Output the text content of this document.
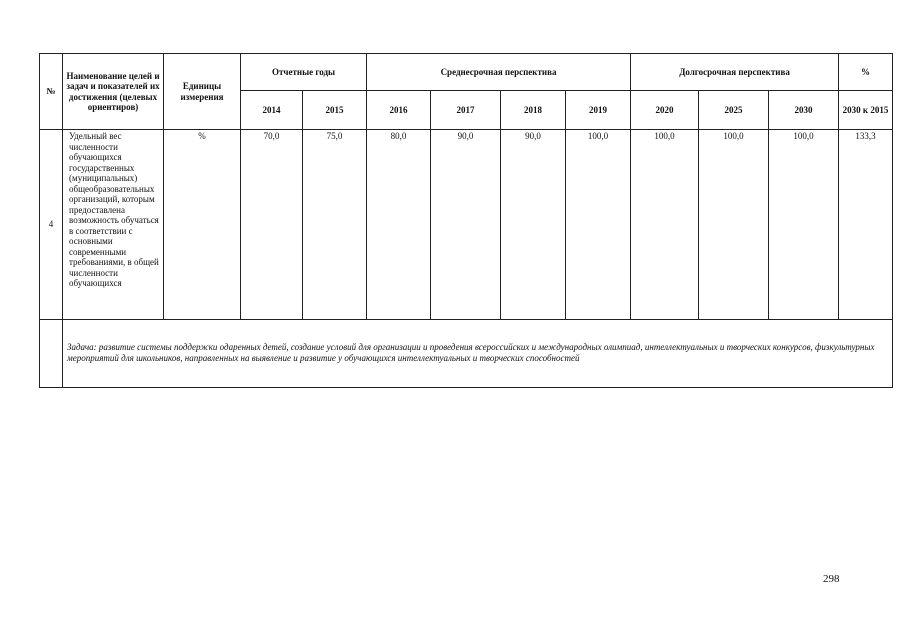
№	Наименование целей и задач и показателей их достижения (целевых ориентиров)	Единицы измерения	Отчетные годы		Среднесрочная перспектива				Долгосрочная перспектива			%
			2014	2015	2016	2017	2018	2019	2020	2025	2030	2030 к 2015
4	Удельный вес численности обучающихся государственных (муниципальных) общеобразовательных организаций, которым предоставлена возможность обучаться в соответствии с основными современными требованиями, в общей численности обучающихся	%	70,0	75,0	80,0	90,0	90,0	100,0	100,0	100,0	100,0	133,3
	Задача: развитие системы поддержки одаренных детей, создание условий для организации и проведения всероссийских и международных олимпиад, интеллектуальных и творческих конкурсов, физкультурных мероприятий для школьников, направленных на выявление и развитие у обучающихся интеллектуальных и творческих способностей											
298
